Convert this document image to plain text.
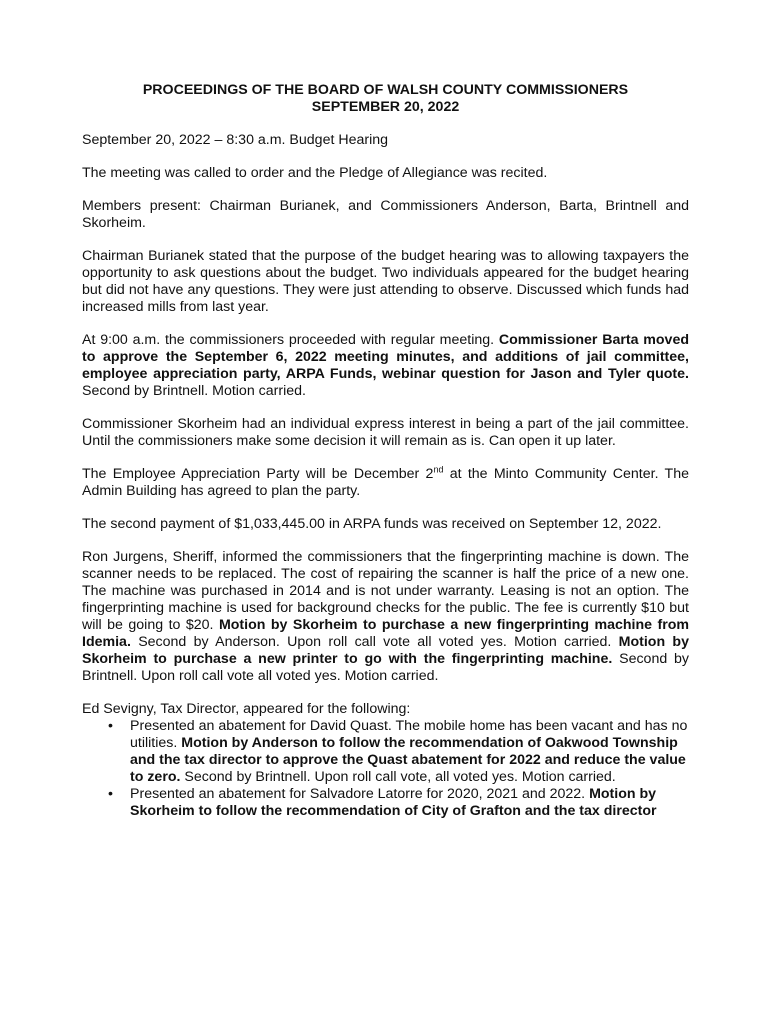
PROCEEDINGS OF THE BOARD OF WALSH COUNTY COMMISSIONERS
SEPTEMBER 20, 2022

September 20, 2022 – 8:30 a.m. Budget Hearing

The meeting was called to order and the Pledge of Allegiance was recited.

Members present: Chairman Burianek, and Commissioners Anderson, Barta, Brintnell and Skorheim.

Chairman Burianek stated that the purpose of the budget hearing was to allowing taxpayers the opportunity to ask questions about the budget. Two individuals appeared for the budget hearing but did not have any questions. They were just attending to observe. Discussed which funds had increased mills from last year.

At 9:00 a.m. the commissioners proceeded with regular meeting. Commissioner Barta moved to approve the September 6, 2022 meeting minutes, and additions of jail committee, employee appreciation party, ARPA Funds, webinar question for Jason and Tyler quote. Second by Brintnell. Motion carried.

Commissioner Skorheim had an individual express interest in being a part of the jail committee. Until the commissioners make some decision it will remain as is. Can open it up later.

The Employee Appreciation Party will be December 2nd at the Minto Community Center. The Admin Building has agreed to plan the party.

The second payment of $1,033,445.00 in ARPA funds was received on September 12, 2022.

Ron Jurgens, Sheriff, informed the commissioners that the fingerprinting machine is down. The scanner needs to be replaced. The cost of repairing the scanner is half the price of a new one. The machine was purchased in 2014 and is not under warranty. Leasing is not an option. The fingerprinting machine is used for background checks for the public. The fee is currently $10 but will be going to $20. Motion by Skorheim to purchase a new fingerprinting machine from Idemia. Second by Anderson. Upon roll call vote all voted yes. Motion carried. Motion by Skorheim to purchase a new printer to go with the fingerprinting machine. Second by Brintnell. Upon roll call vote all voted yes. Motion carried.

Ed Sevigny, Tax Director, appeared for the following:

• Presented an abatement for David Quast. The mobile home has been vacant and has no utilities. Motion by Anderson to follow the recommendation of Oakwood Township and the tax director to approve the Quast abatement for 2022 and reduce the value to zero. Second by Brintnell. Upon roll call vote, all voted yes. Motion carried.
• Presented an abatement for Salvadore Latorre for 2020, 2021 and 2022. Motion by Skorheim to follow the recommendation of City of Grafton and the tax director
